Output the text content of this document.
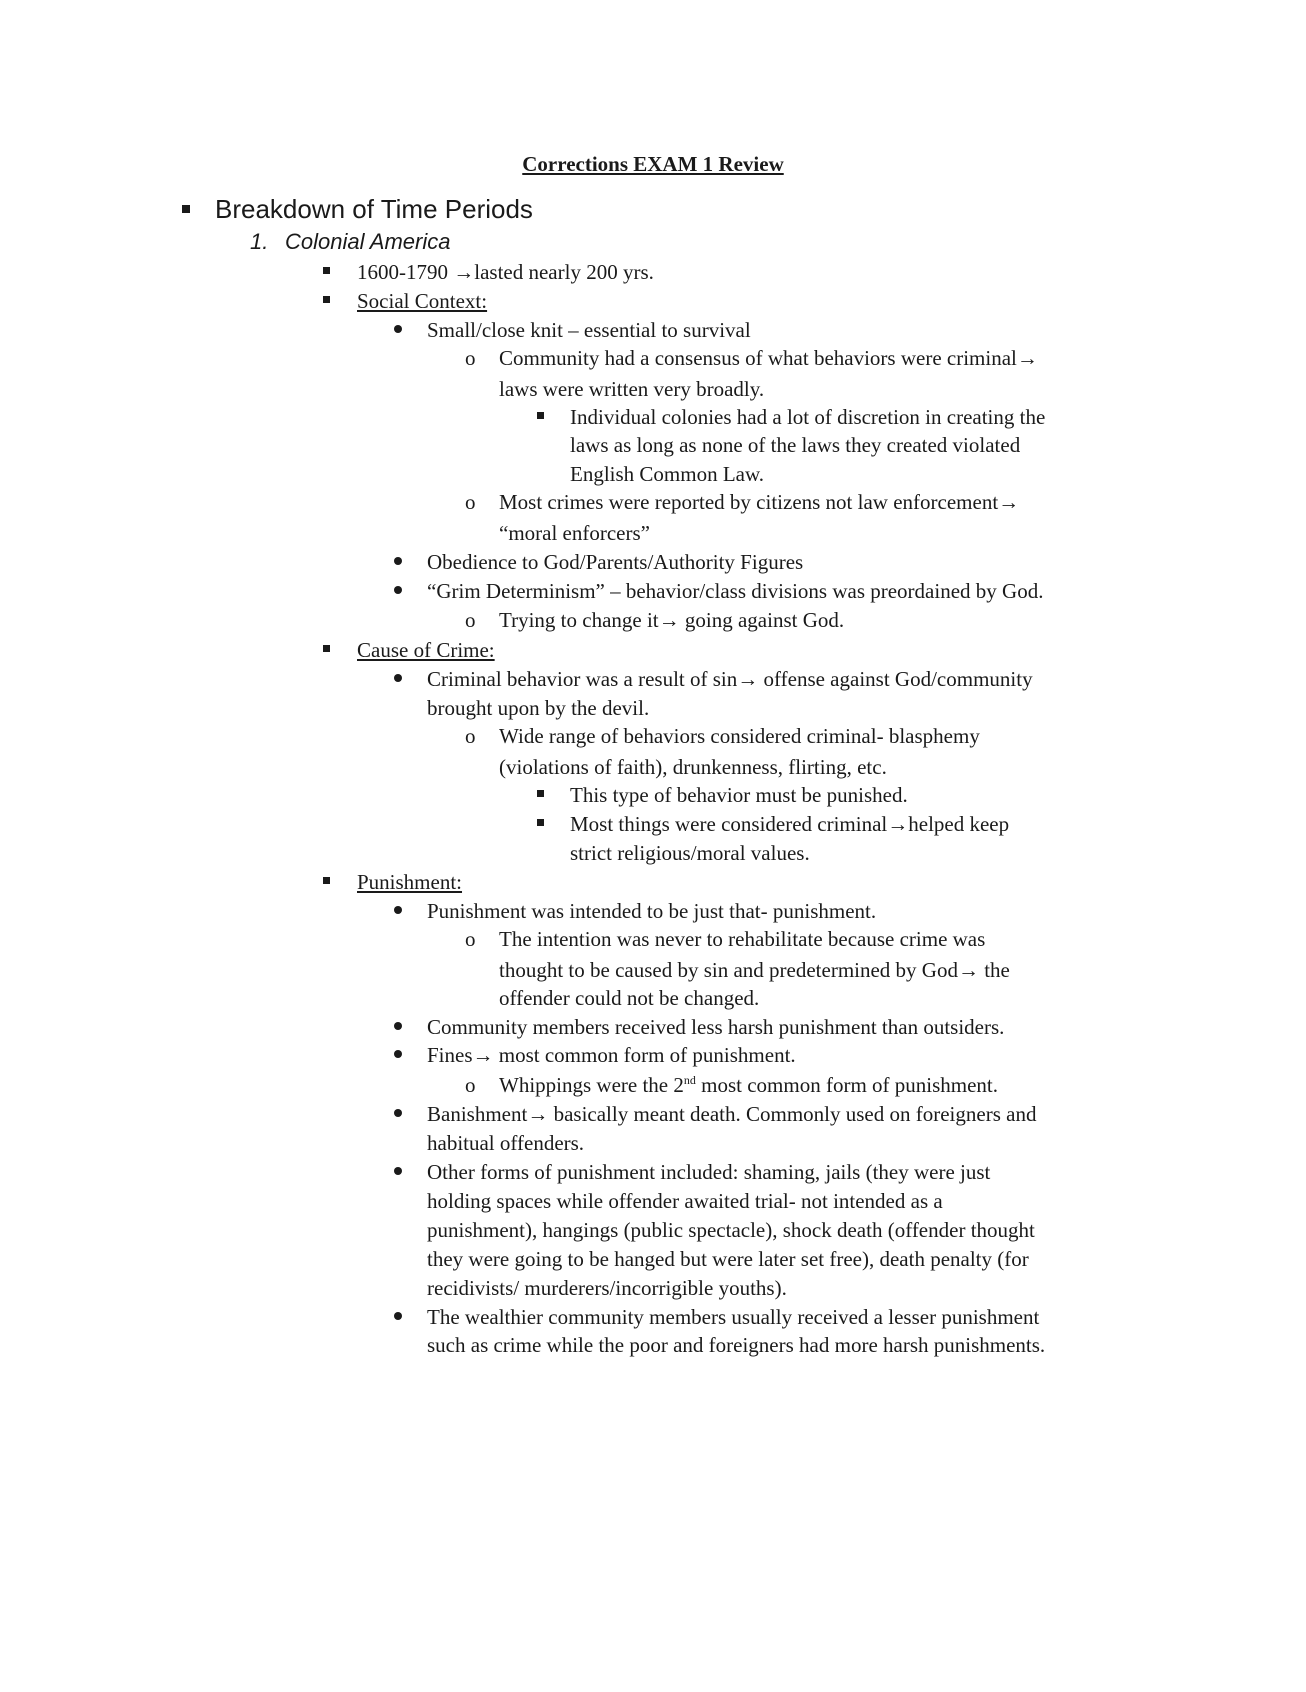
Corrections EXAM 1 Review
Breakdown of Time Periods
1. Colonial America
1600-1790 →lasted nearly 200 yrs.
Social Context:
Small/close knit – essential to survival
o Community had a consensus of what behaviors were criminal→
laws were written very broadly.
Individual colonies had a lot of discretion in creating the
laws as long as none of the laws they created violated
English Common Law.
o Most crimes were reported by citizens not law enforcement→
“moral enforcers”
Obedience to God/Parents/Authority Figures
“Grim Determinism” – behavior/class divisions was preordained by God.
o Trying to change it→ going against God.
Cause of Crime:
Criminal behavior was a result of sin→ offense against God/community
brought upon by the devil.
o Wide range of behaviors considered criminal- blasphemy
(violations of faith), drunkenness, flirting, etc.
This type of behavior must be punished.
Most things were considered criminal→helped keep
strict religious/moral values.
Punishment:
Punishment was intended to be just that- punishment.
o The intention was never to rehabilitate because crime was
thought to be caused by sin and predetermined by God→ the
offender could not be changed.
Community members received less harsh punishment than outsiders.
Fines→ most common form of punishment.
o Whippings were the 2nd most common form of punishment.
Banishment→ basically meant death. Commonly used on foreigners and
habitual offenders.
Other forms of punishment included: shaming, jails (they were just
holding spaces while offender awaited trial- not intended as a
punishment), hangings (public spectacle), shock death (offender thought
they were going to be hanged but were later set free), death penalty (for
recidivists/ murderers/incorrigible youths).
The wealthier community members usually received a lesser punishment
such as crime while the poor and foreigners had more harsh punishments.
